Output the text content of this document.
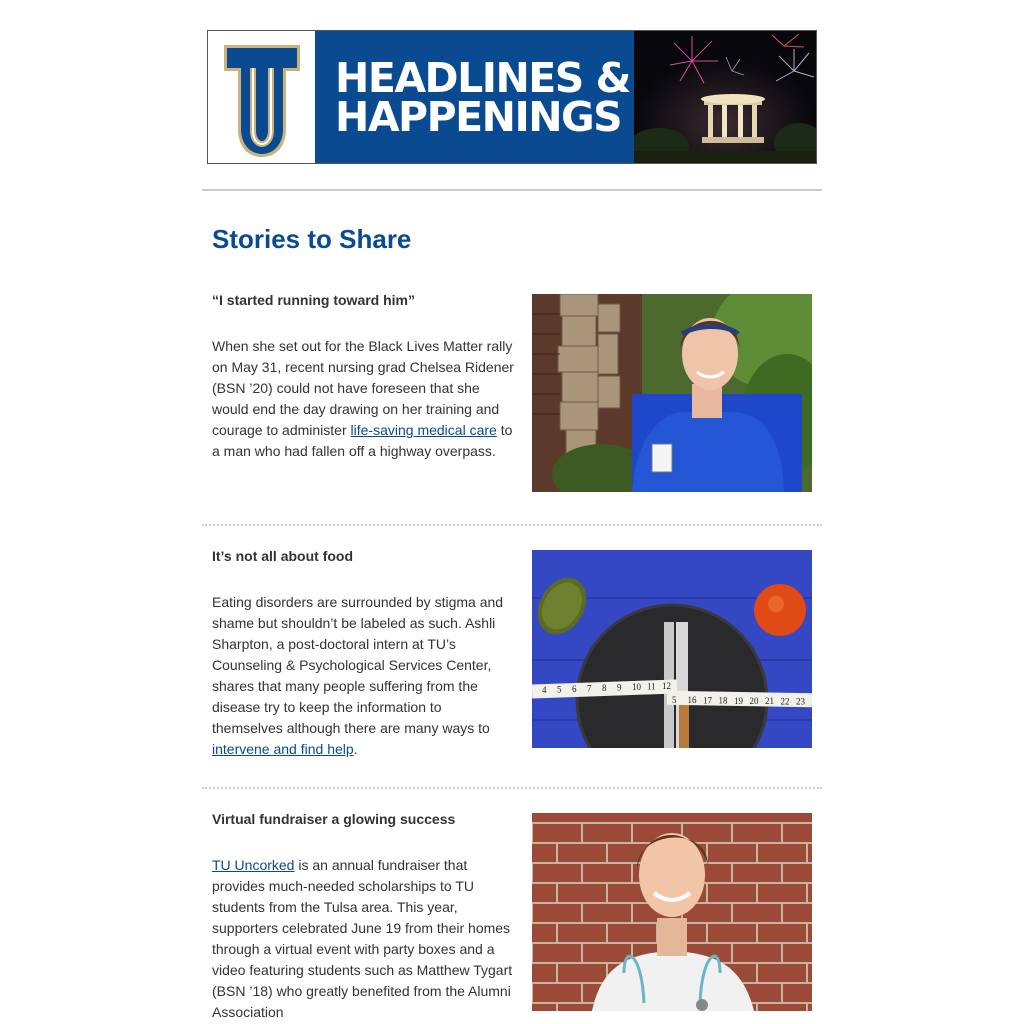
HEADLINES &
HAPPENINGS
Stories to Share
“I started running toward him”

When she set out for the Black Lives Matter rally on May 31, recent nursing grad Chelsea Ridener (BSN ’20) could not have foreseen that she would end the day drawing on her training and courage to administer life-saving medical care to a man who had fallen off a highway overpass.

It’s not all about food

Eating disorders are surrounded by stigma and shame but shouldn’t be labeled as such. Ashli Sharpton, a post-doctoral intern at TU’s Counseling & Psychological Services Center, shares that many people suffering from the disease try to keep the information to themselves although there are many ways to intervene and find help.

4 5 6 7 8 9 10 11 12
5 16 17 18 19 20 21 22 23
Virtual fundraiser a glowing success

TU Uncorked is an annual fundraiser that provides much-needed scholarships to TU students from the Tulsa area. This year, supporters celebrated June 19 from their homes through a virtual event with party boxes and a video featuring students such as Matthew Tygart (BSN ’18) who greatly benefited from the Alumni Association
